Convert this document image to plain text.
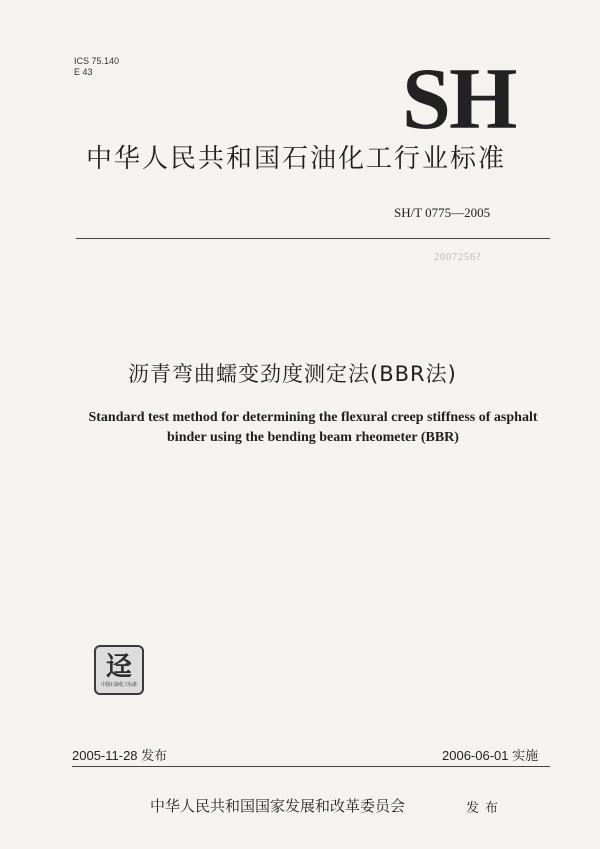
ICS 75.140
E 43	SH
中华人民共和国石油化工行业标准
SH/T 0775—2005
2007256?
沥青弯曲蠕变劲度测定法(BBR法)
Standard test method for determining the flexural creep stiffness of asphalt binder using the bending beam rheometer (BBR)
迳
中国石油化工标准
2005-11-28 发布	2006-06-01 实施
中华人民共和国国家发展和改革委员会	发布
